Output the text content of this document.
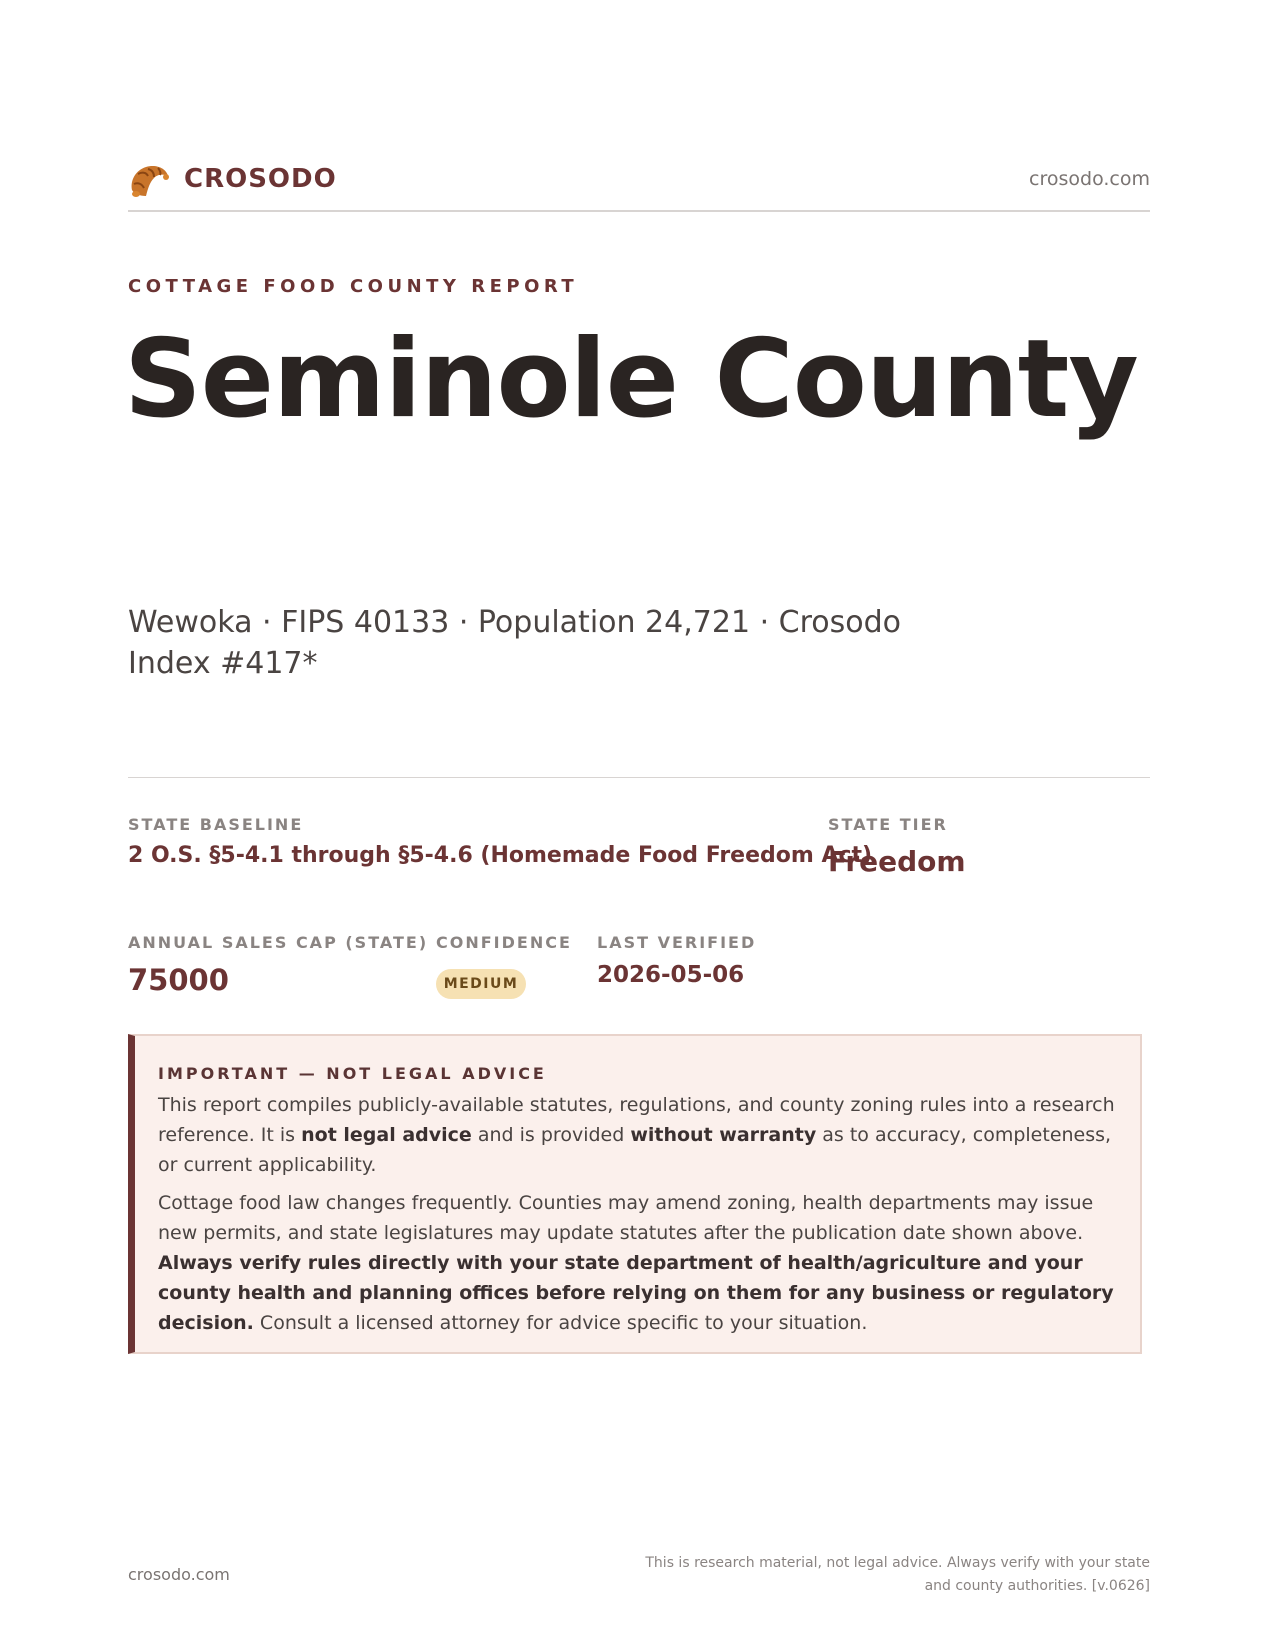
CROSODO	crosodo.com
COTTAGE FOOD COUNTY REPORT
Seminole County
Wewoka · FIPS 40133 · Population 24,721 · Crosodo Index #417*
STATE BASELINE
2 O.S. §5-4.1 through §5-4.6 (Homemade Food Freedom Act)
STATE TIER
Freedom
ANNUAL SALES CAP (STATE)
75000
CONFIDENCE
MEDIUM
LAST VERIFIED
2026-05-06
IMPORTANT — NOT LEGAL ADVICE

This report compiles publicly-available statutes, regulations, and county zoning rules into a research reference. It is not legal advice and is provided without warranty as to accuracy, completeness, or current applicability.

Cottage food law changes frequently. Counties may amend zoning, health departments may issue new permits, and state legislatures may update statutes after the publication date shown above. Always verify rules directly with your state department of health/agriculture and your county health and planning offices before relying on them for any business or regulatory decision. Consult a licensed attorney for advice specific to your situation.

crosodo.com
This is research material, not legal advice. Always verify with your state and county authorities. [v.0626]
